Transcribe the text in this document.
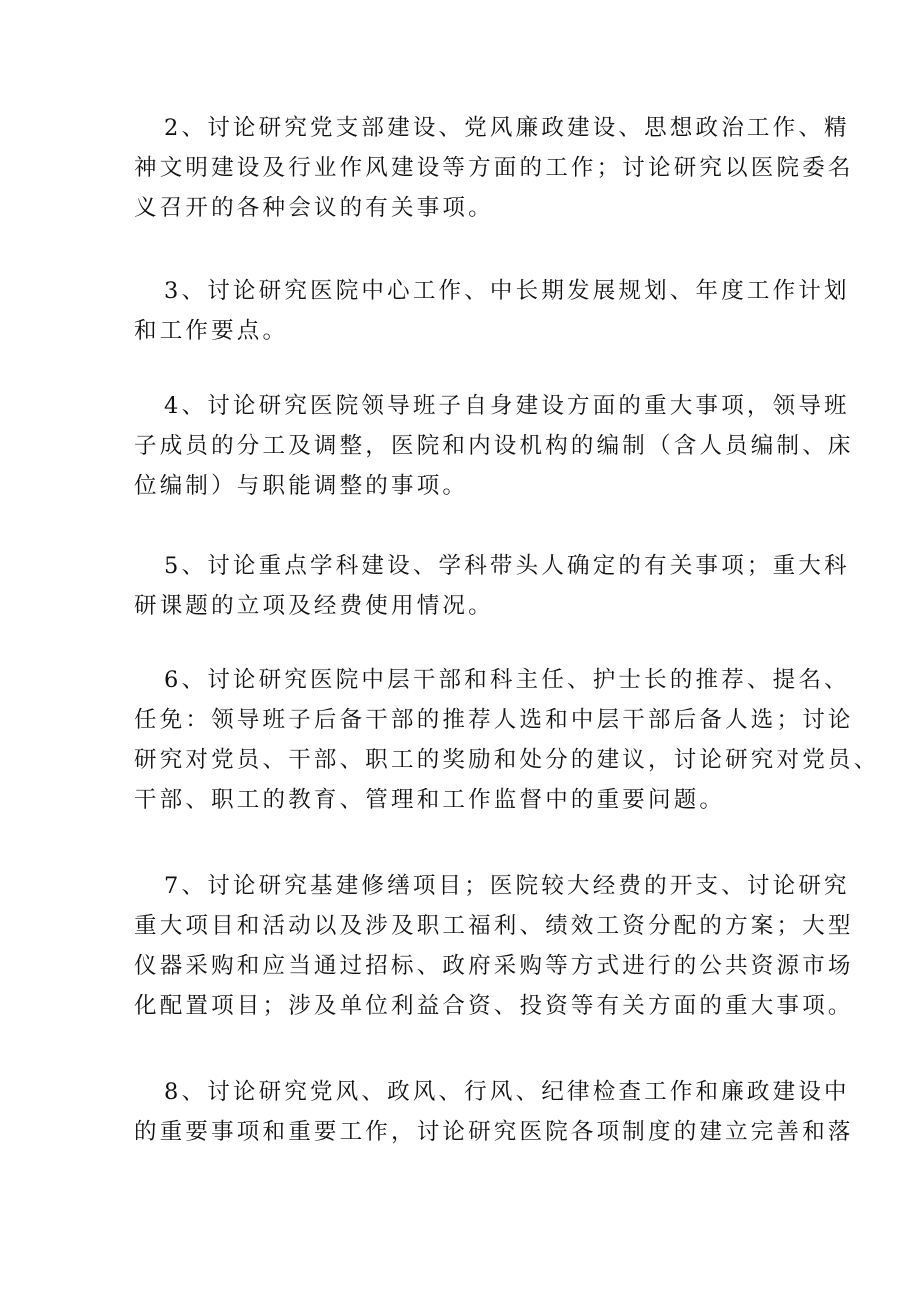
2、讨论研究党支部建设、党风廉政建设、思想政治工作、精
神文明建设及行业作风建设等方面的工作；讨论研究以医院委名
义召开的各种会议的有关事项。
3、讨论研究医院中心工作、中长期发展规划、年度工作计划
和工作要点。
4、讨论研究医院领导班子自身建设方面的重大事项，领导班
子成员的分工及调整，医院和内设机构的编制（含人员编制、床
位编制）与职能调整的事项。
5、讨论重点学科建设、学科带头人确定的有关事项；重大科
研课题的立项及经费使用情况。
6、讨论研究医院中层干部和科主任、护士长的推荐、提名、
任免：领导班子后备干部的推荐人选和中层干部后备人选；讨论
研究对党员、干部、职工的奖励和处分的建议，讨论研究对党员、
干部、职工的教育、管理和工作监督中的重要问题。
7、讨论研究基建修缮项目；医院较大经费的开支、讨论研究
重大项目和活动以及涉及职工福利、绩效工资分配的方案；大型
仪器采购和应当通过招标、政府采购等方式进行的公共资源市场
化配置项目；涉及单位利益合资、投资等有关方面的重大事项。
8、讨论研究党风、政风、行风、纪律检查工作和廉政建设中
的重要事项和重要工作，讨论研究医院各项制度的建立完善和落
